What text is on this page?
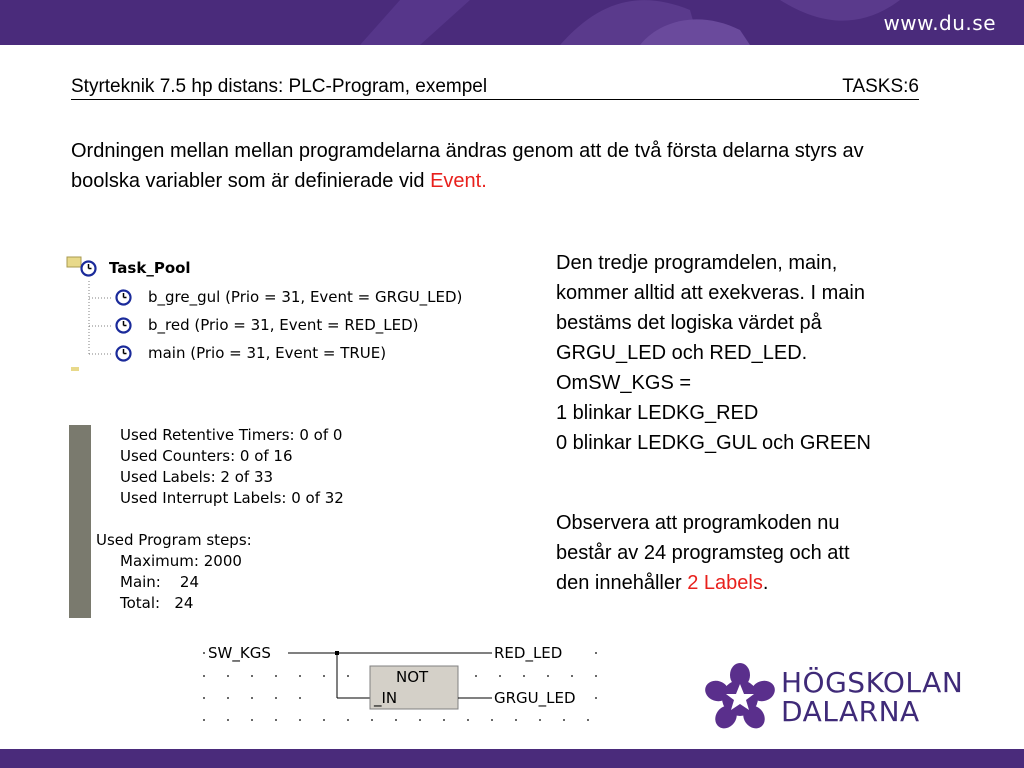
www.du.se
Styrteknik 7.5 hp distans: PLC-Program, exempel	TASKS:6
Ordningen mellan mellan programdelarna ändras genom att de två första delarna styrs av boolska variabler som är definierade vid Event.
Task_Pool
b_gre_gul (Prio = 31, Event = GRGU_LED)
b_red (Prio = 31, Event = RED_LED)
main (Prio = 31, Event = TRUE)
Used Retentive Timers: 0 of 0
Used Counters: 0 of 16
Used Labels: 2 of 33
Used Interrupt Labels: 0 of 32
Used Program steps:
Maximum: 2000
Main:    24
Total:   24
Den tredje programdelen, main,
kommer alltid att exekveras. I main
bestäms det logiska värdet på
GRGU_LED och RED_LED.
OmSW_KGS =
1 blinkar LEDKG_RED
0 blinkar LEDKG_GUL och GREEN
Observera att programkoden nu
består av 24 programsteg och att
den innehåller 2 Labels.
SW_KGS	RED_LED
NOT
_IN	GRGU_LED	HÖGSKOLAN
DALARNA
